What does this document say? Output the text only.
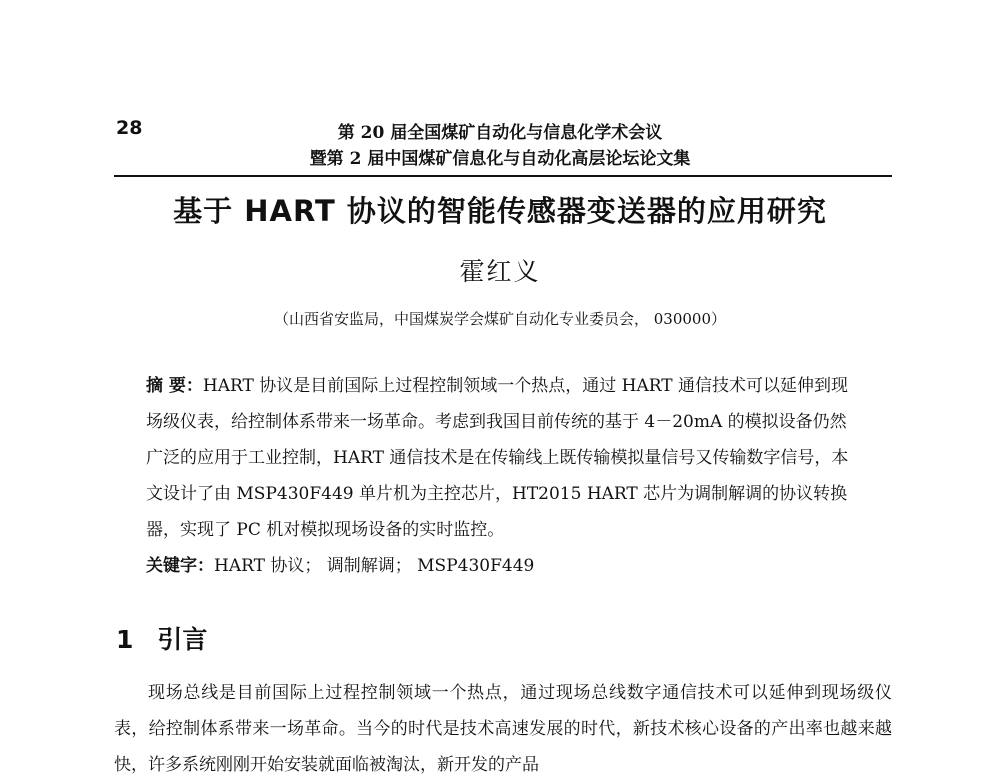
28	第 20 届全国煤矿自动化与信息化学术会议
暨第 2 届中国煤矿信息化与自动化高层论坛论文集
基于 HART 协议的智能传感器变送器的应用研究
霍红义
（山西省安监局，中国煤炭学会煤矿自动化专业委员会， 030000）

摘 要：HART 协议是目前国际上过程控制领域一个热点，通过 HART 通信技术可以延伸到现场级仪表，给控制体系带来一场革命。考虑到我国目前传统的基于 4－20mA 的模拟设备仍然广泛的应用于工业控制，HART 通信技术是在传输线上既传输模拟量信号又传输数字信号，本文设计了由 MSP430F449 单片机为主控芯片，HT2015 HART 芯片为调制解调的协议转换器，实现了 PC 机对模拟现场设备的实时监控。

关键字：HART 协议； 调制解调； MSP430F449

1 引言

现场总线是目前国际上过程控制领域一个热点，通过现场总线数字通信技术可以延伸到现场级仪表，给控制体系带来一场革命。当今的时代是技术高速发展的时代，新技术核心设备的产出率也越来越快，许多系统刚刚开始安装就面临被淘汰，新开发的产品
